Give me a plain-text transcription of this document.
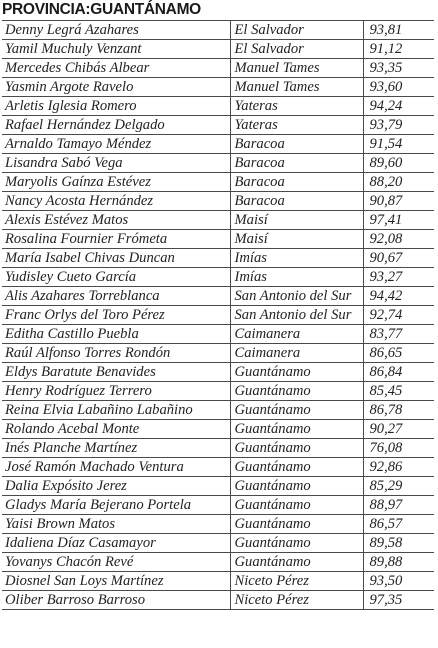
PROVINCIA:GUANTÁNAMO
Denny Legrá Azahares	El Salvador	93,81
Yamil Muchuly Venzant	El Salvador	91,12
Mercedes Chibás Albear	Manuel Tames	93,35
Yasmin Argote Ravelo	Manuel Tames	93,60
Arletis Iglesia Romero	Yateras	94,24
Rafael Hernández Delgado	Yateras	93,79
Arnaldo Tamayo Méndez	Baracoa	91,54
Lisandra Sabó Vega	Baracoa	89,60
Maryolis Gaínza Estévez	Baracoa	88,20
Nancy Acosta Hernández	Baracoa	90,87
Alexis Estévez Matos	Maisí	97,41
Rosalina Fournier Frómeta	Maisí	92,08
María Isabel Chivas Duncan	Imías	90,67
Yudisley Cueto García	Imías	93,27
Alis Azahares Torreblanca	San Antonio del Sur	94,42
Franc Orlys del Toro Pérez	San Antonio del Sur	92,74
Editha Castillo Puebla	Caimanera	83,77
Raúl Alfonso Torres Rondón	Caimanera	86,65
Eldys Baratute Benavides	Guantánamo	86,84
Henry Rodríguez Terrero	Guantánamo	85,45
Reina Elvia Labañino Labañino	Guantánamo	86,78
Rolando Acebal Monte	Guantánamo	90,27
Inés Planche Martínez	Guantánamo	76,08
José Ramón Machado Ventura	Guantánamo	92,86
Dalia Expósito Jerez	Guantánamo	85,29
Gladys María Bejerano Portela	Guantánamo	88,97
Yaisi Brown Matos	Guantánamo	86,57
Idaliena Díaz Casamayor	Guantánamo	89,58
Yovanys Chacón Revé	Guantánamo	89,88
Diosnel San Loys Martínez	Niceto Pérez	93,50
Oliber Barroso Barroso	Niceto Pérez	97,35
